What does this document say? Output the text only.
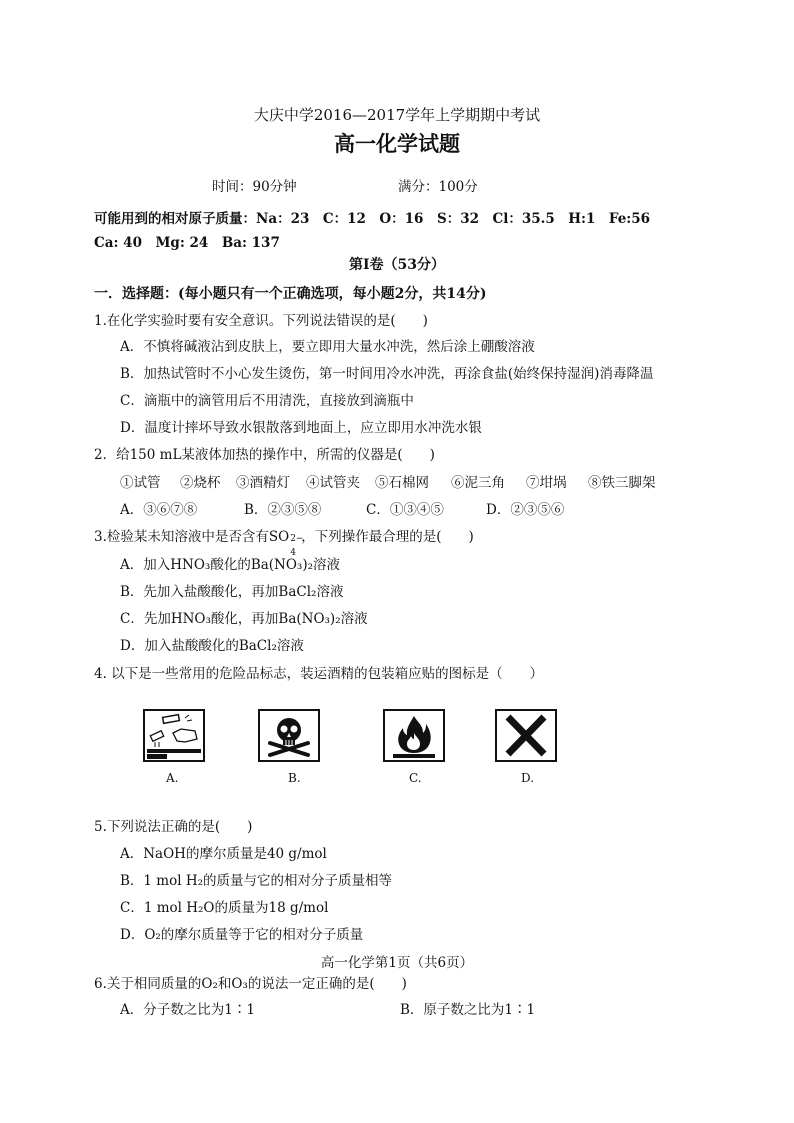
大庆中学2016—2017学年上学期期中考试
高一化学试题
时间：90分钟	满分：100分
可能用到的相对原子质量：Na：23　C：12　O：16　S：32　Cl：35.5　H:1　Fe:56
Ca: 40　Mg: 24　Ba: 137
第Ⅰ卷（53分）
一．选择题：(每小题只有一个正确选项，每小题2分，共14分)
1.在化学实验时要有安全意识。下列说法错误的是(　　)
A．不慎将碱液沾到皮肤上，要立即用大量水冲洗，然后涂上硼酸溶液
B．加热试管时不小心发生烫伤，第一时间用冷水冲洗，再涂食盐(始终保持湿润)消毒降温
C．滴瓶中的滴管用后不用清洗，直接放到滴瓶中
D．温度计摔坏导致水银散落到地面上，应立即用水冲洗水银
2．给150 mL某液体加热的操作中，所需的仪器是(　　)
①试管 ②烧杯 ③酒精灯 ④试管夹 ⑤石棉网 ⑥泥三角 ⑦坩埚 ⑧铁三脚架
A．③⑥⑦⑧	B．②③⑤⑧	C．①③④⑤	D．②③⑤⑥
3.检验某未知溶液中是否含有SO 2−
4
，下列操作最合理的是(　　)
A．加入HNO₃酸化的Ba(NO₃)₂溶液
B．先加入盐酸酸化，再加BaCl₂溶液
C．先加HNO₃酸化，再加Ba(NO₃)₂溶液
D．加入盐酸酸化的BaCl₂溶液
4. 以下是一些常用的危险品标志，装运酒精的包装箱应贴的图标是（　　）
A.	B.	C.	D.
5.下列说法正确的是(　　)
A．NaOH的摩尔质量是40 g/mol
B．1 mol H₂的质量与它的相对分子质量相等
C．1 mol H₂O的质量为18 g/mol
D．O₂的摩尔质量等于它的相对分子质量
高一化学第1页（共6页）
6.关于相同质量的O₂和O₃的说法一定正确的是(　　)
A．分子数之比为1∶1	B．原子数之比为1∶1
